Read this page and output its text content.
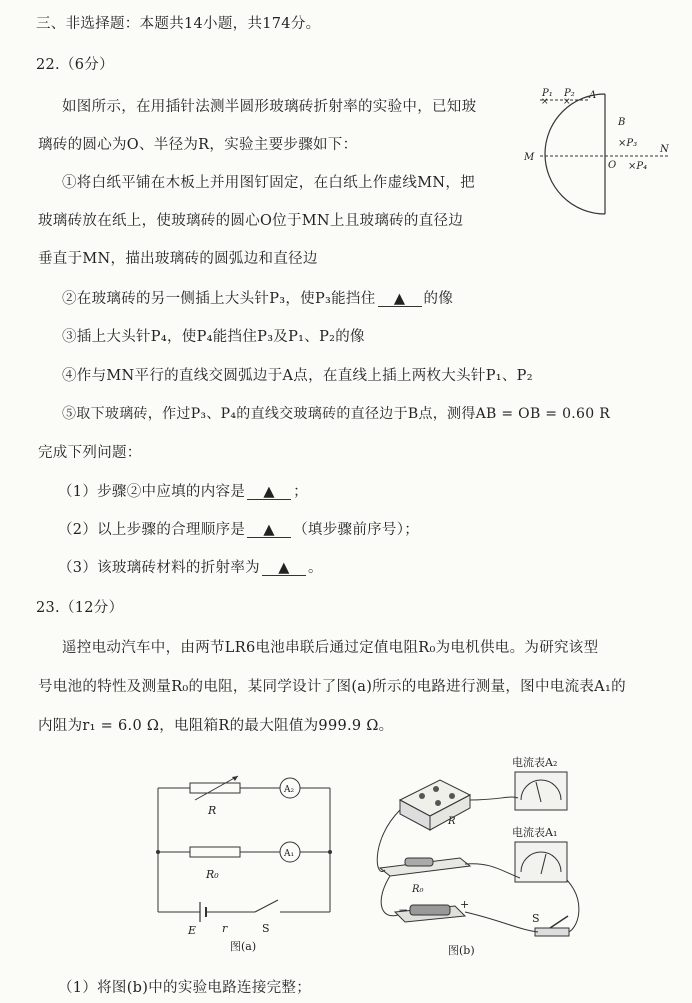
三、非选择题：本题共14小题，共174分。
22.（6分）
如图所示，在用插针法测半圆形玻璃砖折射率的实验中，已知玻
璃砖的圆心为O、半径为R，实验主要步骤如下：
①将白纸平铺在木板上并用图钉固定，在白纸上作虚线MN，把
玻璃砖放在纸上，使玻璃砖的圆心O位于MN上且玻璃砖的直径边
垂直于MN，描出玻璃砖的圆弧边和直径边
②在玻璃砖的另一侧插上大头针P₃，使P₃能挡住 ▲ 的像
③插上大头针P₄，使P₄能挡住P₃及P₁、P₂的像
④作与MN平行的直线交圆弧边于A点，在直线上插上两枚大头针P₁、P₂
⑤取下玻璃砖，作过P₃、P₄的直线交玻璃砖的直径边于B点，测得AB = OB = 0.60 R
完成下列问题：
（1）步骤②中应填的内容是 ▲ ；
（2）以上步骤的合理顺序是 ▲ （填步骤前序号）；
（3）该玻璃砖材料的折射率为 ▲ 。
23.（12分）
遥控电动汽车中，由两节LR6电池串联后通过定值电阻R₀为电机供电。为研究该型
号电池的特性及测量R₀的电阻，某同学设计了图(a)所示的电路进行测量，图中电流表A₁的
内阻为r₁ = 6.0 Ω，电阻箱R的最大阻值为999.9 Ω。
（1）将图(b)中的实验电路连接完整；
× ×
P₁ P₂ A
B
×P₃
M
N
O ×P₄
R
A₂
A₁
R₀
E r	S
图(a)
R
电流表A₂
电流表A₁
R₀
−	+
S
图(b)
